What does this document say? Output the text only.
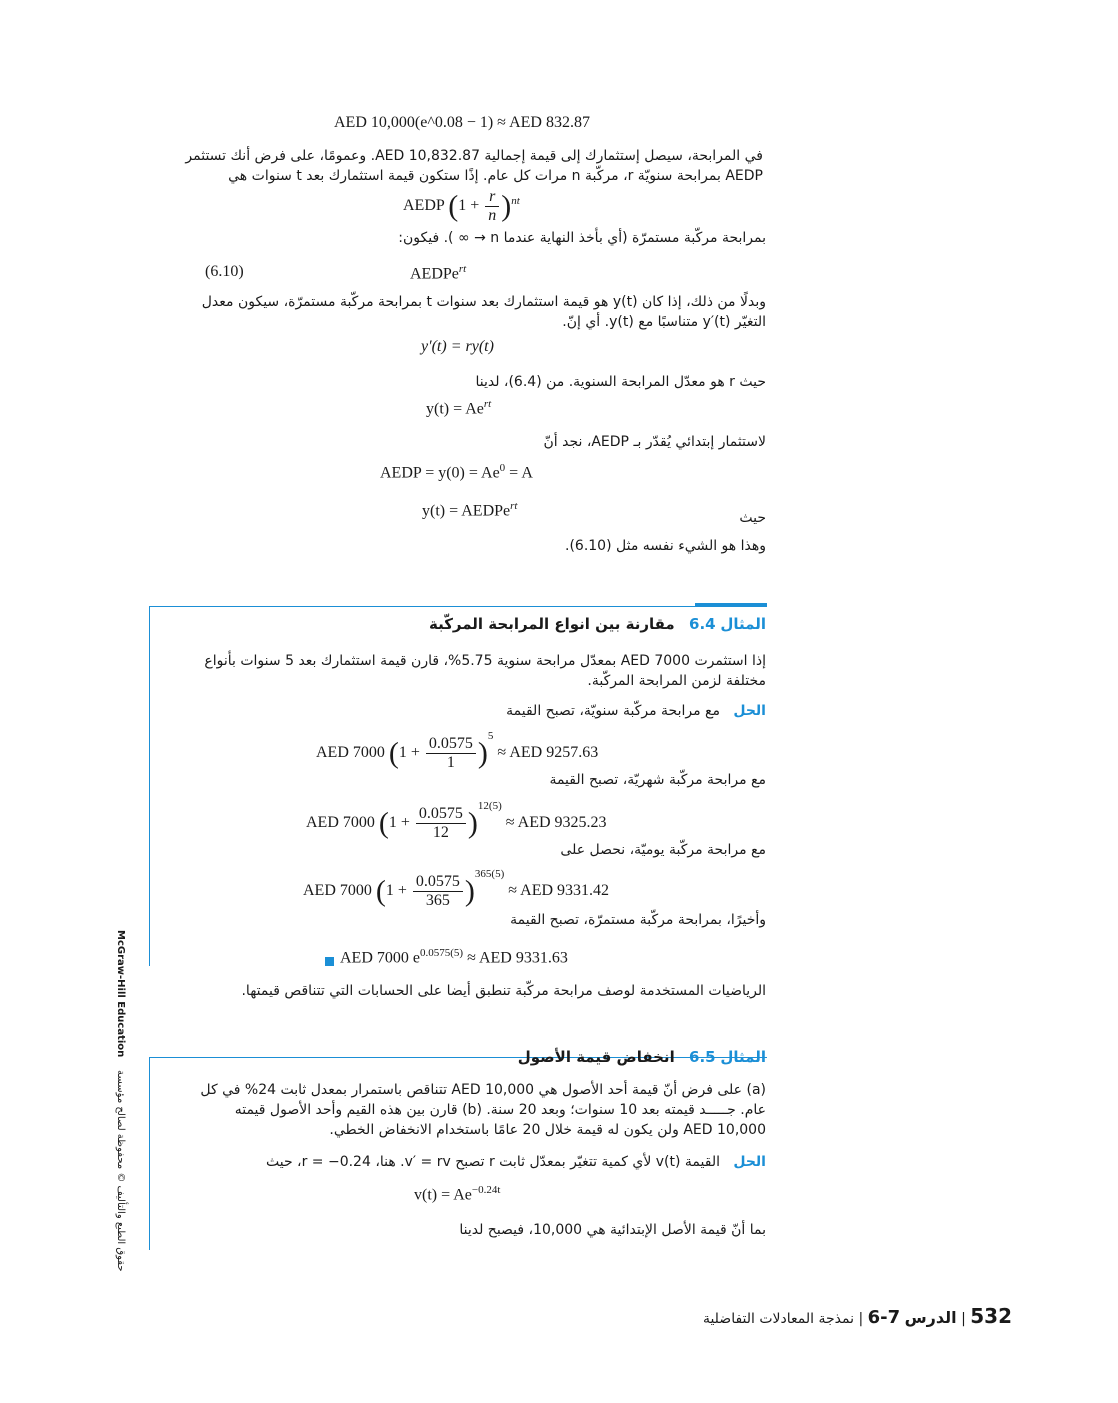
AED 10,000(e^0.08 − 1) ≈ AED 832.87
في المرابحة، سيصل إستثمارك إلى قيمة إجمالية AED 10,832.87. وعمومًا، على فرض أنك تستثمر
AEDP بمرابحة سنويّة r، مركّبة n مرات كل عام. إذًا ستكون قيمة استثمارك بعد t سنوات هي
AEDP $(1 + \frac{r}{n} )^{nt}$
بمرابحة مركّبة مستمرّة (أي بأخذ النهاية عندما n → ∞ ). فيكون:
AEDPe$^{rt}$
(6.10)
وبدلًا من ذلك، إذا كان y(t) هو قيمة استثمارك بعد سنوات t بمرابحة مركّبة مستمرّة، سيكون معدل
التغيّر y′(t) متناسبًا مع y(t). أي إنّ.
y′(t) = ry(t)
حيث r هو معدّل المرابحة السنوية. من (6.4)، لدينا
$y(t) = Ae^{rt}$
لاستثمار إبتدائي يُقدّر بـ AEDP، نجد أنّ
AEDP = $y(0) = Ae^0 = A$
y(t) = AEDPe$^{rt}$
حيث
وهذا هو الشيء نفسه مثل (6.10).
المثال 6.4   مقارنة بين انواع المرابحة المركّبة
إذا استثمرت AED 7000 بمعدّل مرابحة سنوية 5.75%، قارن قيمة استثمارك بعد 5 سنوات بأنواع
مختلفة لزمن المرابحة المركّبة.
الحل   مع مرابحة مركّبة سنويّة، تصبح القيمة
AED 7000 $(1 + \frac{0.0575}{1} )^5$ ≈ AED 9257.63
مع مرابحة مركّبة شهريّة، تصبح القيمة
AED 7000 $(1 + \frac{0.0575}{12} )^{12(5)}$ ≈ AED 9325.23
مع مرابحة مركّبة يوميّة، نحصل على
AED 7000 $(1 + \frac{0.0575}{365} )^{365(5)}$ ≈ AED 9331.42
وأخيرًا، بمرابحة مركّبة مستمرّة، تصبح القيمة
AED 7000 $e^{0.0575(5)}$ ≈ AED 9331.63
الرياضيات المستخدمة لوصف مرابحة مركّبة تنطبق أيضا على الحسابات التي تتناقص قيمتها.
المثال 6.5   انخفاض قيمة الأصول
(a) على فرض أنّ قيمة أحد الأصول هي AED 10,000 تتناقص باستمرار بمعدل ثابت 24% في كل
عام. جـــــد قيمته بعد 10 سنوات؛ وبعد 20 سنة. (b) قارن بين هذه القيم وأحد الأصول قيمته
AED 10,000 ولن يكون له قيمة خلال 20 عامًا باستخدام الانخفاض الخطي.
الحل   القيمة v(t) لأي كمية تتغيّر بمعدّل ثابت r تصبح v′ = rv. هنا، r = −0.24، حيث
$v(t) = Ae^{-0.24t}$
بما أنّ قيمة الأصل الإبتدائية هي 10,000، فيصبح لدينا
McGraw-Hill Education
حقوق الطبع والتأليف © محفوظة لصالح مؤسسة
532 | الدرس 6-7 | نمذجة المعادلات التفاضلية
